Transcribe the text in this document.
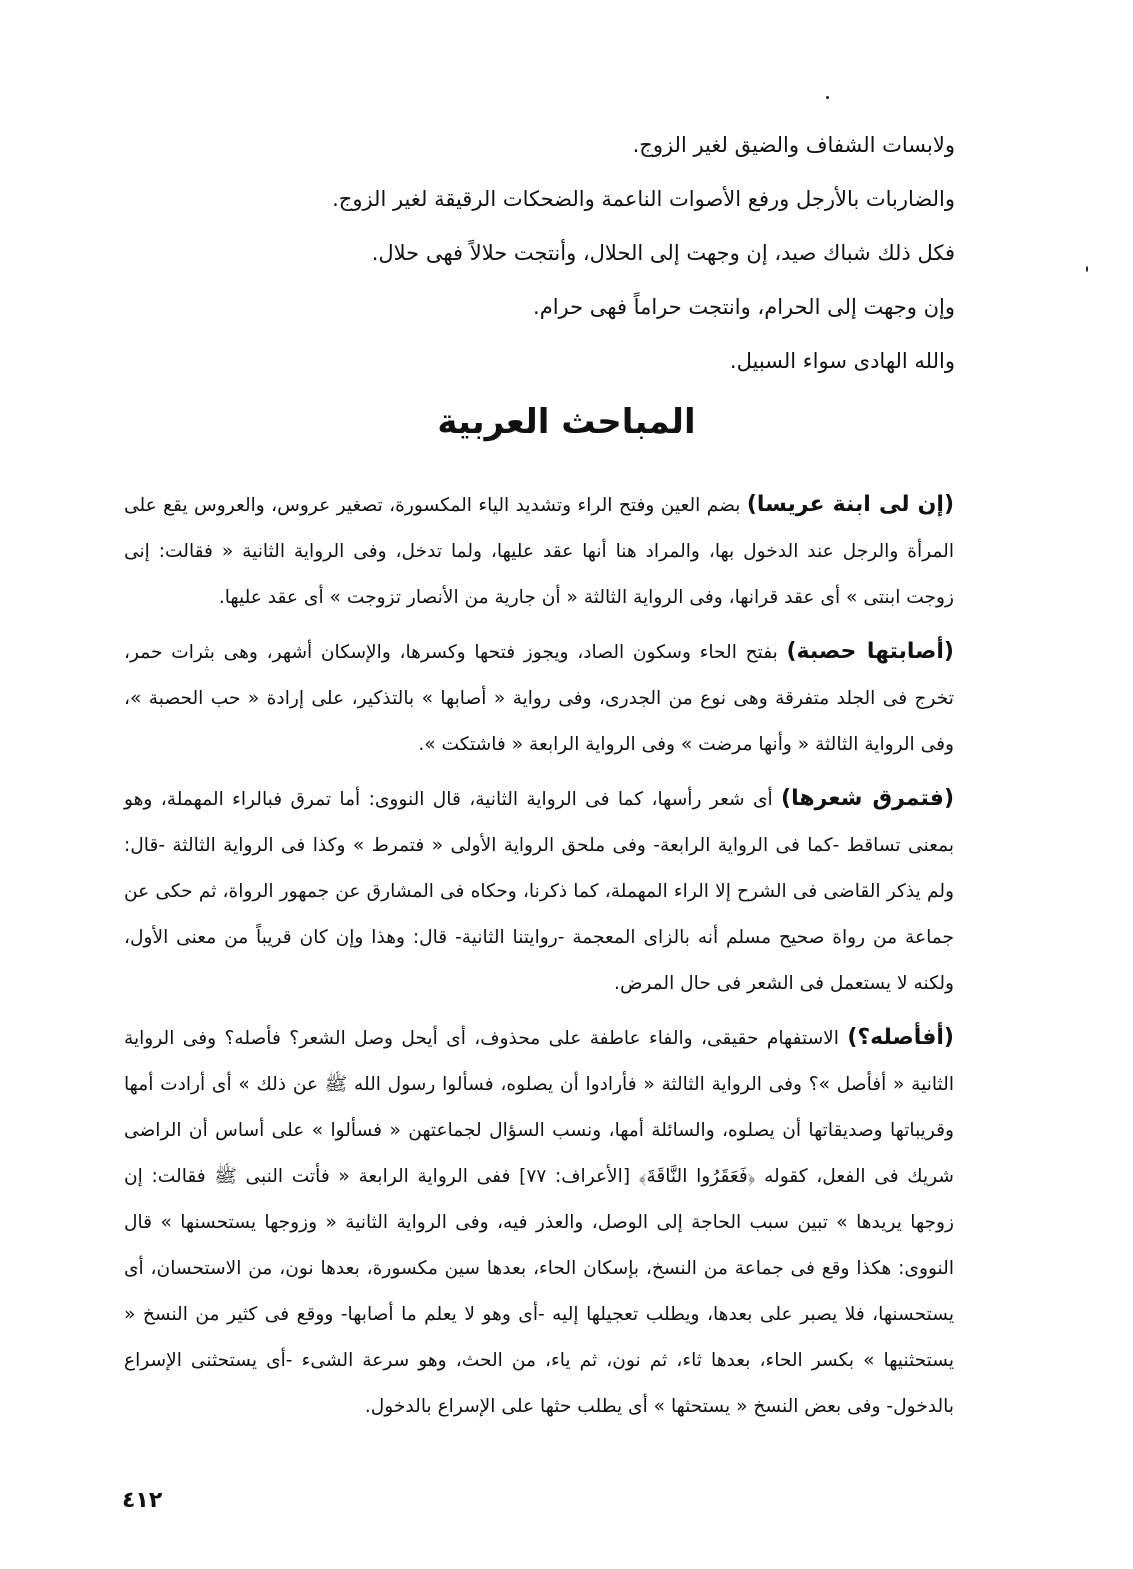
ولابسات الشفاف والضيق لغير الزوج.
والضاربات بالأرجل ورفع الأصوات الناعمة والضحكات الرقيقة لغير الزوج.
فكل ذلك شباك صيد، إن وجهت إلى الحلال، وأنتجت حلالاً فهى حلال.
وإن وجهت إلى الحرام، وانتجت حراماً فهى حرام.
والله الهادى سواء السبيل.
المباحث العربية

(إن لى ابنة عريسا) بضم العين وفتح الراء وتشديد الياء المكسورة، تصغير عروس، والعروس يقع على المرأة والرجل عند الدخول بها، والمراد هنا أنها عقد عليها، ولما تدخل، وفى الرواية الثانية « فقالت: إنى زوجت ابنتى » أى عقد قرانها، وفى الرواية الثالثة « أن جارية من الأنصار تزوجت » أى عقد عليها.

(أصابتها حصبة) بفتح الحاء وسكون الصاد، ويجوز فتحها وكسرها، والإسكان أشهر، وهى بثرات حمر، تخرج فى الجلد متفرقة وهى نوع من الجدرى، وفى رواية « أصابها » بالتذكير، على إرادة « حب الحصبة »، وفى الرواية الثالثة « وأنها مرضت » وفى الرواية الرابعة « فاشتكت ».

(فتمرق شعرها) أى شعر رأسها، كما فى الرواية الثانية، قال النووى: أما تمرق فبالراء المهملة، وهو بمعنى تساقط -كما فى الرواية الرابعة- وفى ملحق الرواية الأولى « فتمرط » وكذا فى الرواية الثالثة -قال: ولم يذكر القاضى فى الشرح إلا الراء المهملة، كما ذكرنا، وحكاه فى المشارق عن جمهور الرواة، ثم حكى عن جماعة من رواة صحيح مسلم أنه بالزاى المعجمة -روايتنا الثانية- قال: وهذا وإن كان قريباً من معنى الأول، ولكنه لا يستعمل فى الشعر فى حال المرض.

(أفأصله؟) الاستفهام حقيقى، والفاء عاطفة على محذوف، أى أيحل وصل الشعر؟ فأصله؟ وفى الرواية الثانية « أفأصل »؟ وفى الرواية الثالثة « فأرادوا أن يصلوه، فسألوا رسول الله ﷺ عن ذلك » أى أرادت أمها وقريباتها وصديقاتها أن يصلوه، والسائلة أمها، ونسب السؤال لجماعتهن « فسألوا » على أساس أن الراضى شريك فى الفعل، كقوله ﴿فَعَقَرُوا النَّاقَةَ﴾ [الأعراف: ٧٧] ففى الرواية الرابعة « فأتت النبى ﷺ فقالت: إن زوجها يريدها » تبين سبب الحاجة إلى الوصل، والعذر فيه، وفى الرواية الثانية « وزوجها يستحسنها » قال النووى: هكذا وقع فى جماعة من النسخ، بإسكان الحاء، بعدها سين مكسورة، بعدها نون، من الاستحسان، أى يستحسنها، فلا يصبر على بعدها، ويطلب تعجيلها إليه -أى وهو لا يعلم ما أصابها- ووقع فى كثير من النسخ « يستحثنيها » بكسر الحاء، بعدها ثاء، ثم نون، ثم ياء، من الحث، وهو سرعة الشىء -أى يستحثنى الإسراع بالدخول- وفى بعض النسخ « يستحثها » أى يطلب حثها على الإسراع بالدخول.

٤١٢
